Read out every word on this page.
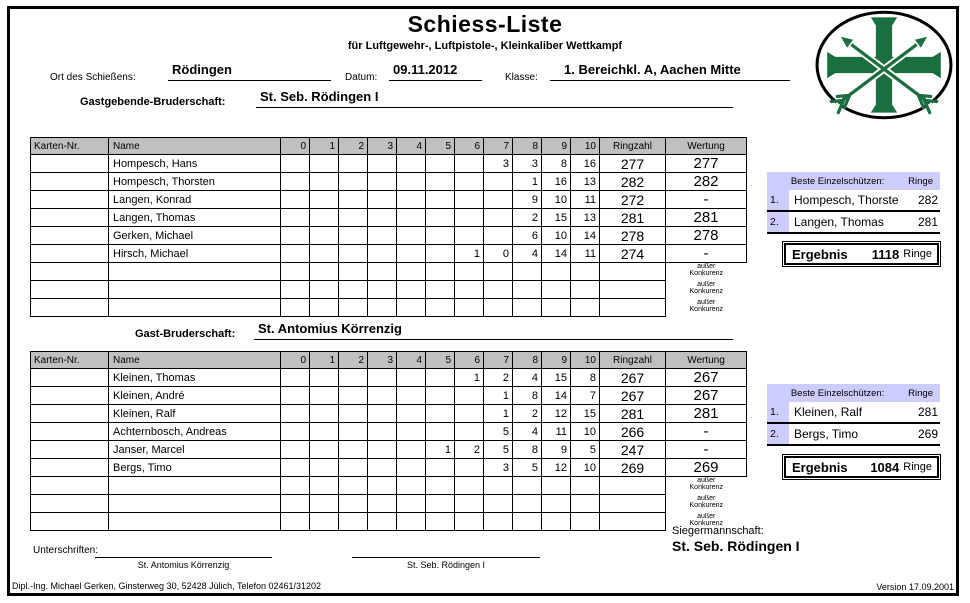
Schiess-Liste
für Luftgewehr-, Luftpistole-, Kleinkaliber Wettkampf
Ort des Schießens:
Rödingen
Datum:
09.11.2012
Klasse:
1. Bereichkl. A, Aachen Mitte
Gastgebende-Bruderschaft:	St. Seb. Rödingen I
Karten-Nr.	Name	0	1	2	3	4	5	6	7	8	9	10	Ringzahl	Wertung
	Hompesch, Hans								3	3	8	16	277	277
	Hompesch, Thorsten									1	16	13	282	282
	Langen, Konrad									9	10	11	272	-
	Langen, Thomas									2	15	13	281	281
	Gerken, Michael									6	10	14	278	278
	Hirsch, Michael							1	0	4	14	11	274	-

														außer
Konkurenz

														außer
Konkurenz

														außer
Konkurenz
Beste Einzelschützen:	Ringe
1.	Hompesch, Thorste	282
2.	Langen, Thomas	281
Ergebnis 1118 Ringe
Gast-Bruderschaft:	St. Antomius Körrenzig
Karten-Nr.	Name	0	1	2	3	4	5	6	7	8	9	10	Ringzahl	Wertung
	Kleinen, Thomas							1	2	4	15	8	267	267
	Kleinen, André								1	8	14	7	267	267
	Kleinen, Ralf								1	2	12	15	281	281
	Achternbosch, Andreas								5	4	11	10	266	-
	Janser, Marcel						1	2	5	8	9	5	247	-
	Bergs, Timo								3	5	12	10	269	269

														außer
Konkurenz

														außer
Konkurenz

														außer
Konkurenz
Beste Einzelschützen:	Ringe
1.	Kleinen, Ralf	281
2.	Bergs, Timo	269
Ergebnis 1084 Ringe
Siegermannschaft:
St. Seb. Rödingen I
Unterschriften:
St. Antomius Körrenzig	St. Seb. Rödingen I
Dipl.-Ing. Michael Gerken, Ginsterweg 30, 52428 Jülich, Telefon 02461/31202	Version 17.09.2001
